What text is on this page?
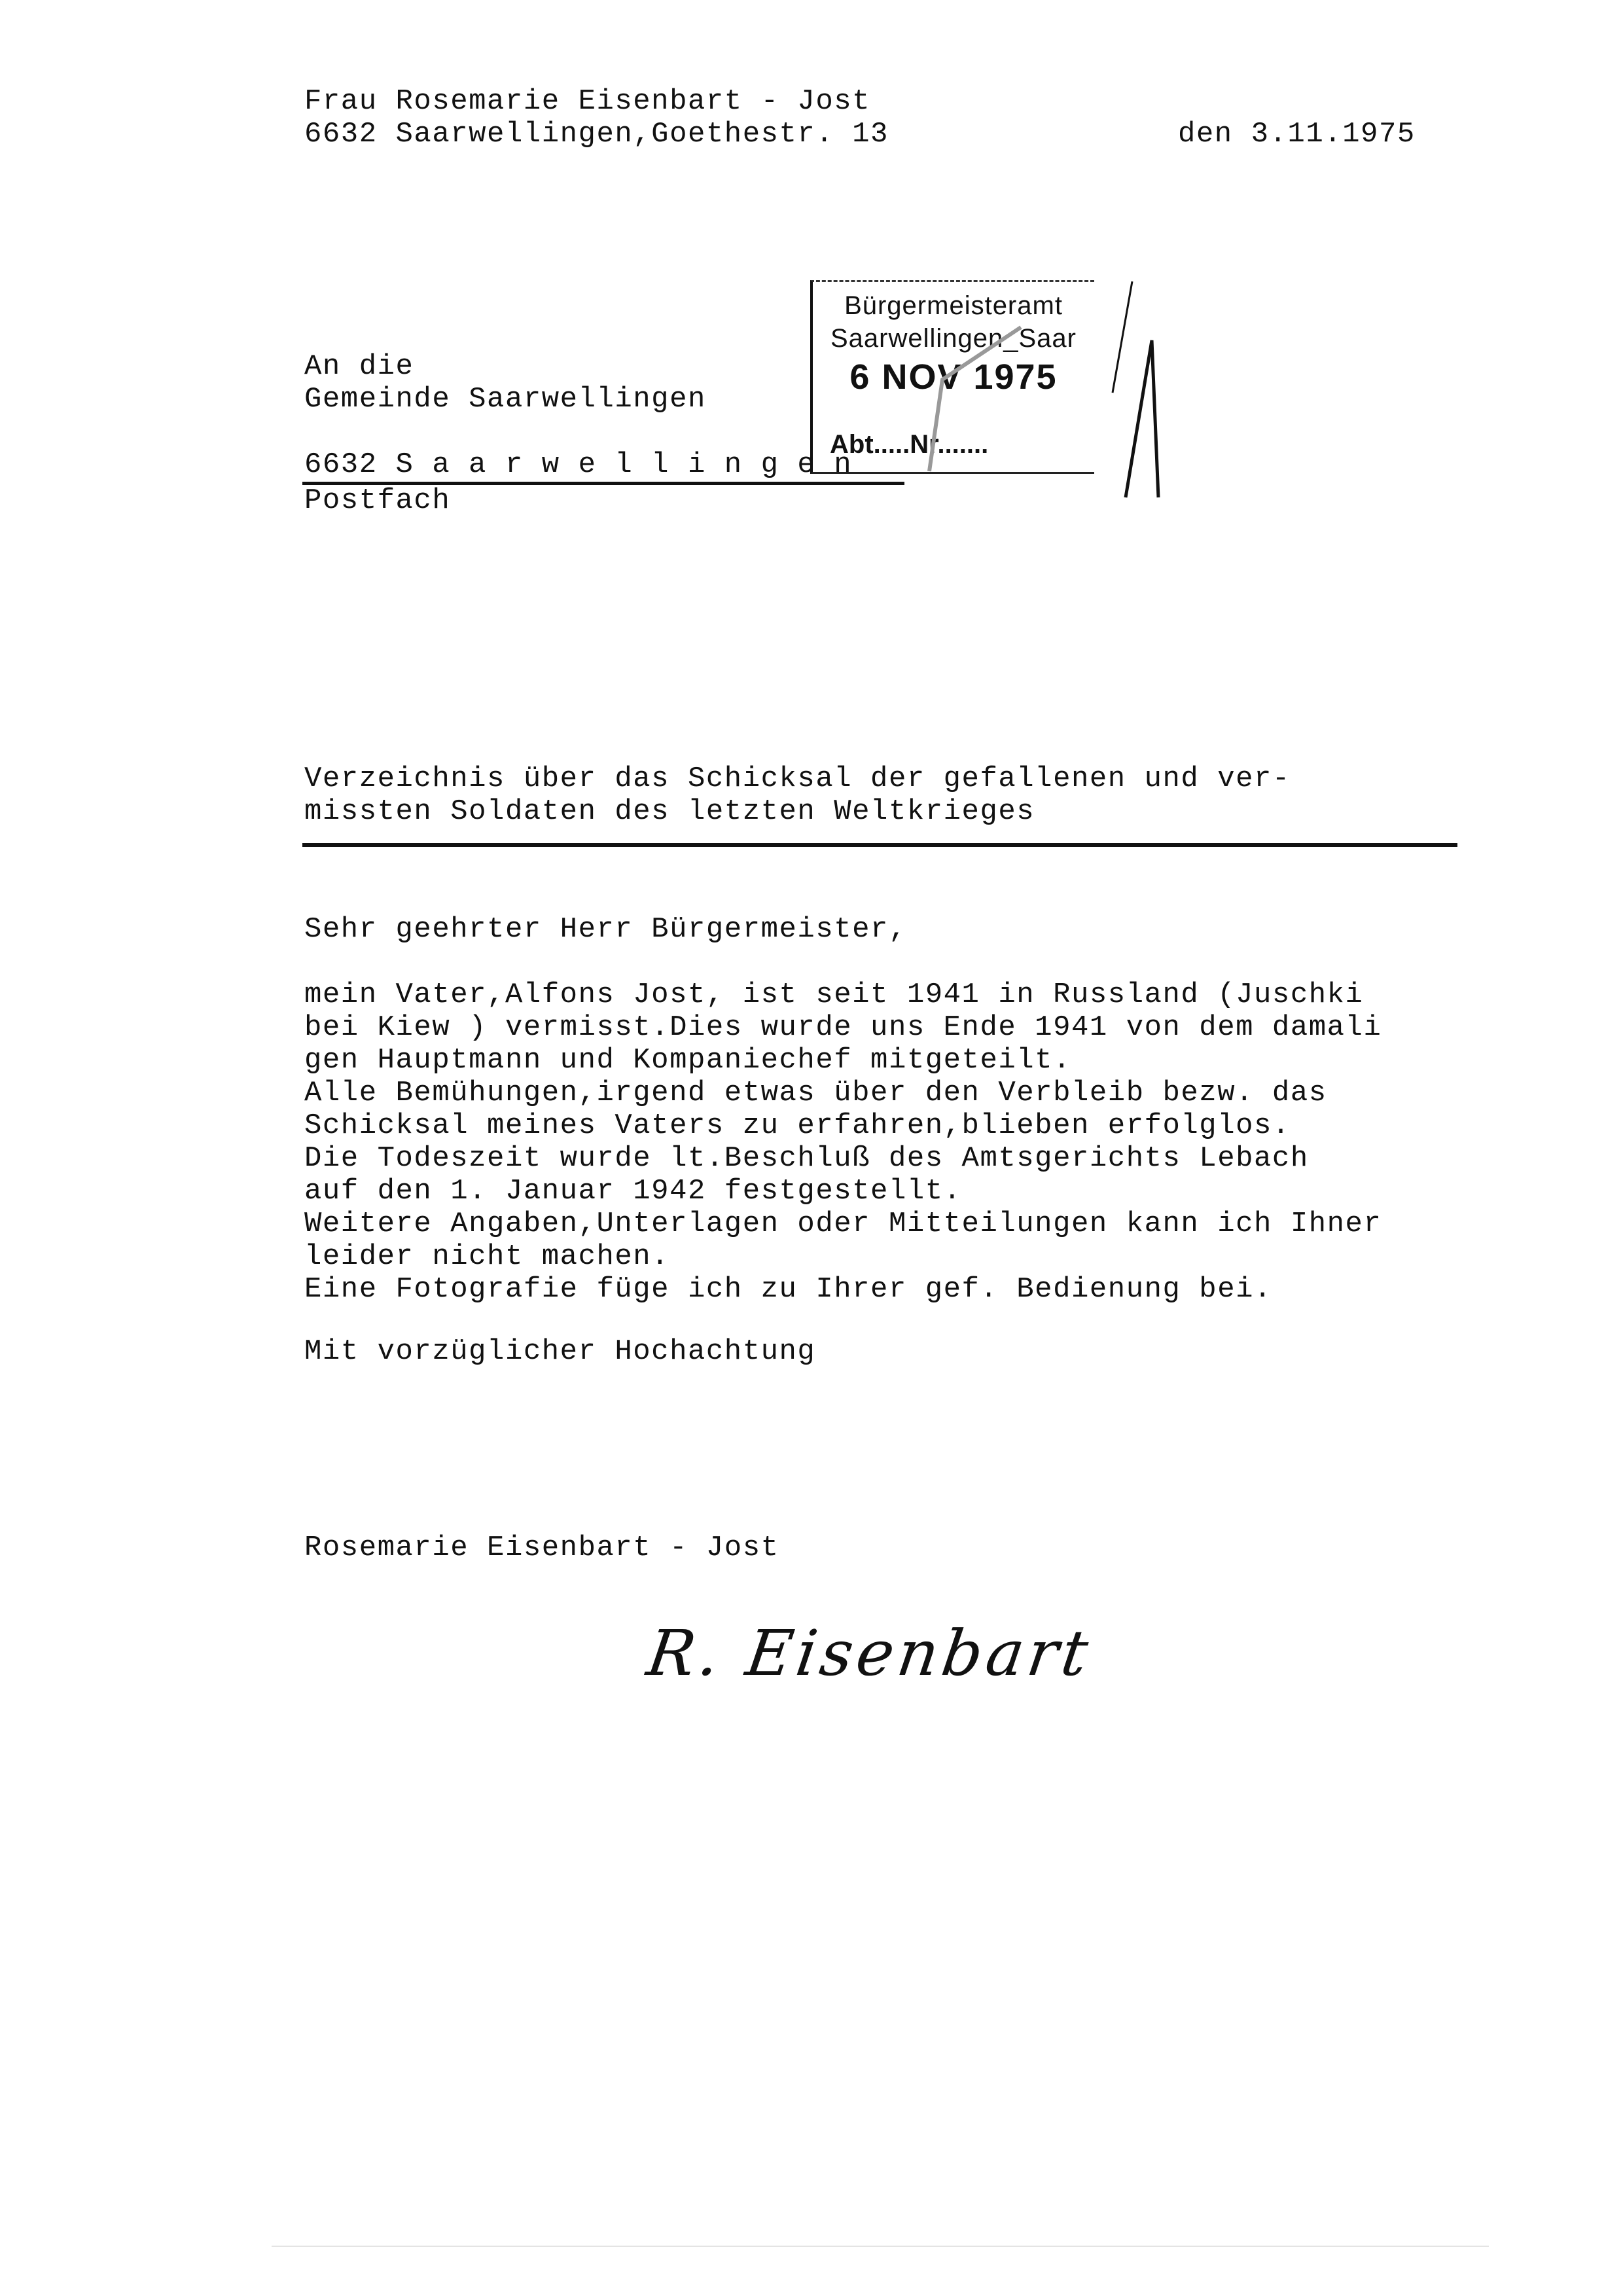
Frau Rosemarie Eisenbart - Jost
6632 Saarwellingen,Goethestr. 13	den 3.11.1975
An die
Gemeinde Saarwellingen
6632 S a a r w e l l i n g e n
Postfach
Bürgermeisteramt
Saarwellingen_Saar
6 NOV 1975
Abt.....Nr.......
Verzeichnis über das Schicksal der gefallenen und ver-
missten Soldaten des letzten Weltkrieges
Sehr geehrter Herr Bürgermeister,
mein Vater,Alfons Jost, ist seit 1941 in Russland (Juschki
bei Kiew ) vermisst.Dies wurde uns Ende 1941 von dem damali
gen Hauptmann und Kompaniechef mitgeteilt.
Alle Bemühungen,irgend etwas über den Verbleib bezw. das
Schicksal meines Vaters zu erfahren,blieben erfolglos.
Die Todeszeit wurde lt.Beschluß des Amtsgerichts Lebach
auf den 1. Januar 1942 festgestellt.
Weitere Angaben,Unterlagen oder Mitteilungen kann ich Ihner
leider nicht machen.
Eine Fotografie füge ich zu Ihrer gef. Bedienung bei.
Mit vorzüglicher Hochachtung
Rosemarie Eisenbart - Jost
R. Eisenbart
